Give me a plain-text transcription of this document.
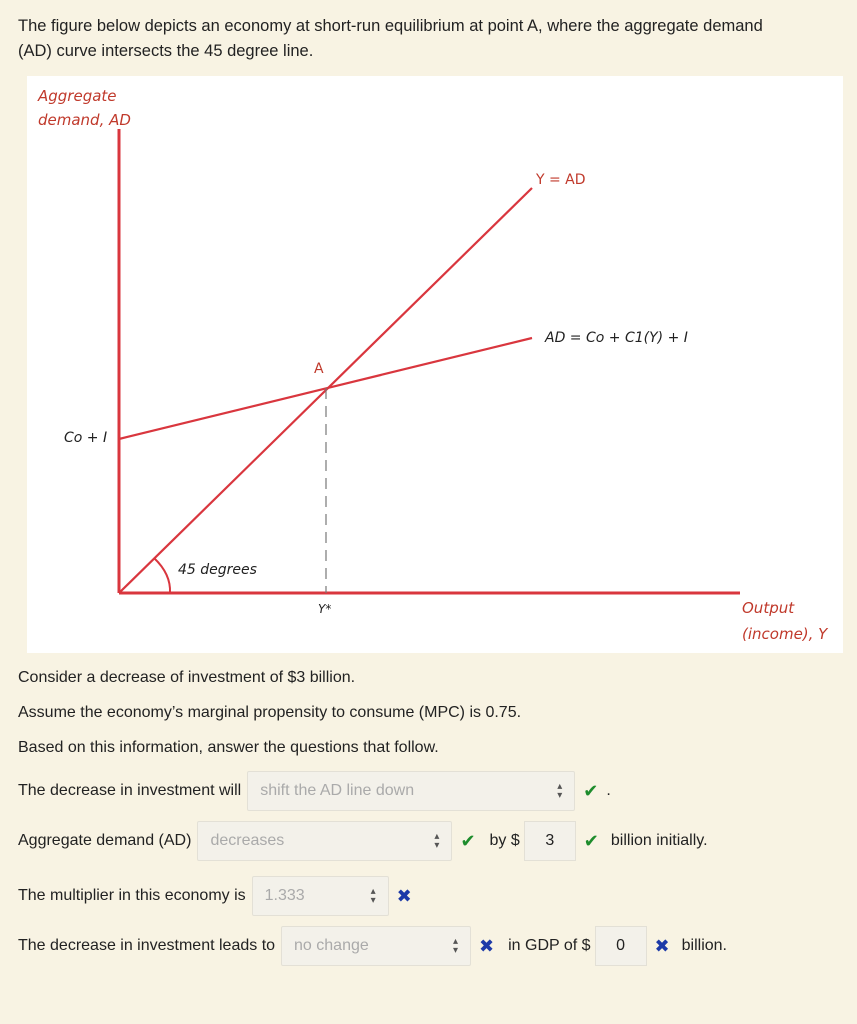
The figure below depicts an economy at short-run equilibrium at point A, where the aggregate demand
(AD) curve intersects the 45 degree line.
Aggregate
demand, AD
Output
(income), Y
Y = AD
AD = Co + C1(Y) + I
Co + I
A
45 degrees
Y*
Consider a decrease of investment of $3 billion.
Assume the economy’s marginal propensity to consume (MPC) is 0.75.
Based on this information, answer the questions that follow.
The decrease in investment will shift the AD line down	▴
▾ ✔ .
Aggregate demand (AD) decreases	▴
▾ ✔ by $	3	✔ billion initially.
The multiplier in this economy is 1.333	▴
▾ ✖
The decrease in investment leads to no change	▴
▾ ✖ in GDP of $	0	✖ billion.
